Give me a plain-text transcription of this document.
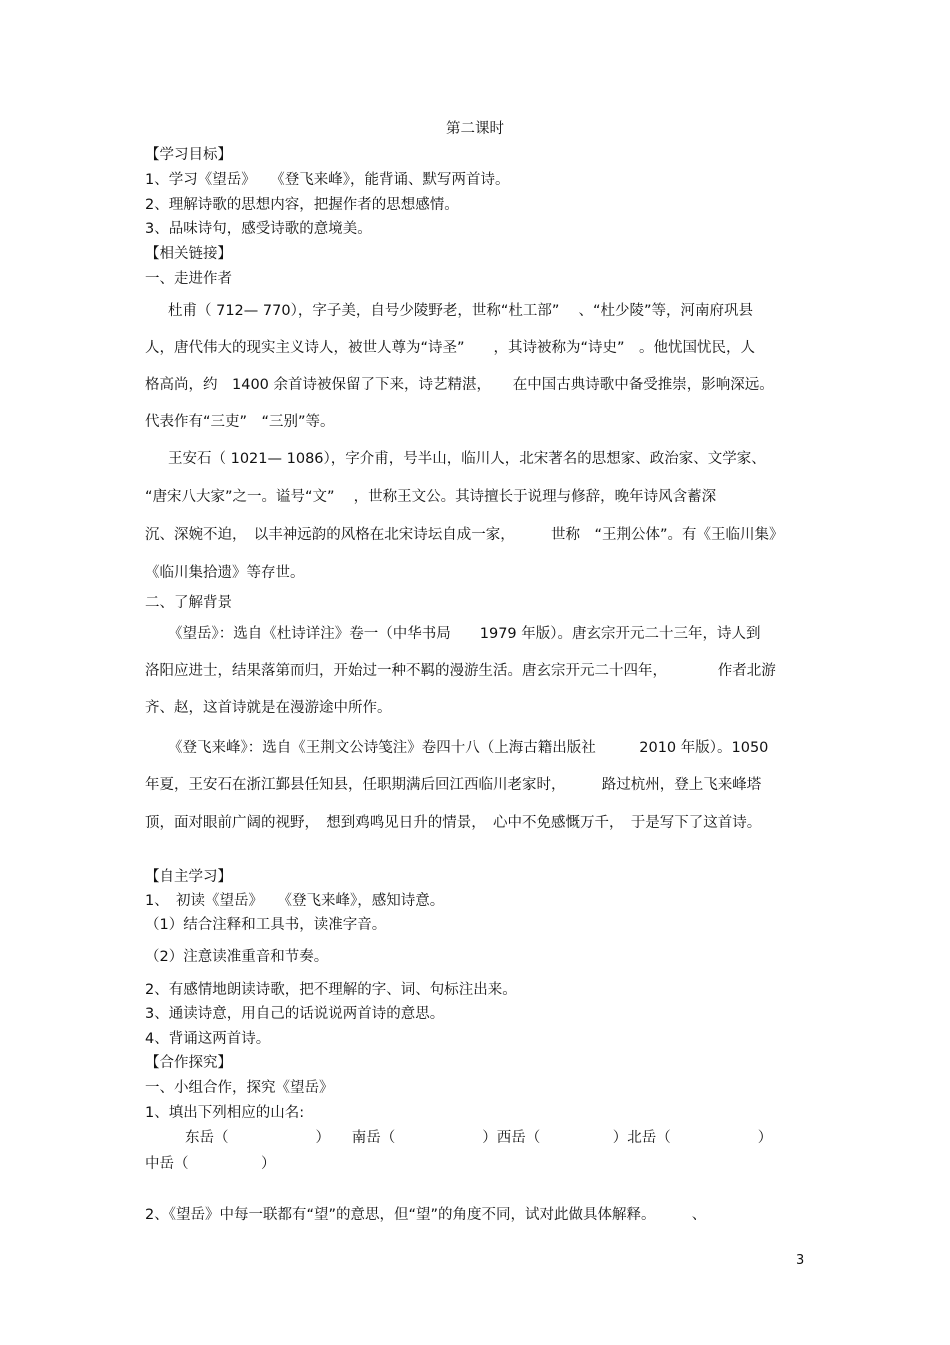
第二课时
【学习目标】
1、学习《望岳》　　《登飞来峰》，能背诵、默写两首诗。
2、理解诗歌的思想内容，把握作者的思想感情。
3、品味诗句，感受诗歌的意境美。
【相关链接】
一、走进作者
杜甫（ 712— 770），字子美，自号少陵野老，世称“杜工部”　 、“杜少陵”等，河南府巩县
人，唐代伟大的现实主义诗人，被世人尊为“诗圣”　　，其诗被称为“诗史”　。他忧国忧民，人
格高尚，约　1400 余首诗被保留了下来，诗艺精湛，　　在中国古典诗歌中备受推崇，影响深远。
代表作有“三吏”　“三别”等。
王安石（ 1021— 1086），字介甫，号半山，临川人，北宋著名的思想家、政治家、文学家、
“唐宋八大家”之一。谥号“文”　 ，世称王文公。其诗擅长于说理与修辞，晚年诗风含蓄深
沉、深婉不迫，　以丰神远韵的风格在北宋诗坛自成一家，　　　世称　“王荆公体”。有《王临川集》
《临川集拾遗》等存世。
二、了解背景
《望岳》：选自《杜诗详注》卷一（中华书局　　1979 年版）。唐玄宗开元二十三年，诗人到
洛阳应进士，结果落第而归，开始过一种不羁的漫游生活。唐玄宗开元二十四年，　　　　作者北游
齐、赵，这首诗就是在漫游途中所作。
《登飞来峰》：选自《王荆文公诗笺注》卷四十八（上海古籍出版社　　　2010 年版）。1050
年夏，王安石在浙江鄞县任知县，任职期满后回江西临川老家时，　　　路过杭州，登上飞来峰塔
顶，面对眼前广阔的视野，　想到鸡鸣见日升的情景，　心中不免感慨万千，　于是写下了这首诗。
【自主学习】
1、　初读《望岳》　　《登飞来峰》，感知诗意。
（1）结合注释和工具书，读准字音。
（2）注意读准重音和节奏。
2、有感情地朗读诗歌，把不理解的字、词、句标注出来。
3、通读诗意，用自己的话说说两首诗的意思。
4、背诵这两首诗。
【合作探究】
一、小组合作，探究《望岳》
1、填出下列相应的山名:
东岳（　　　　　　）　　南岳（　　　　　　）西岳（　　　　　）北岳（　　　　　　）
中岳（　　　　　）
2、《望岳》中每一联都有“望”的意思，但“望”的角度不同，试对此做具体解释。　　　、
3
